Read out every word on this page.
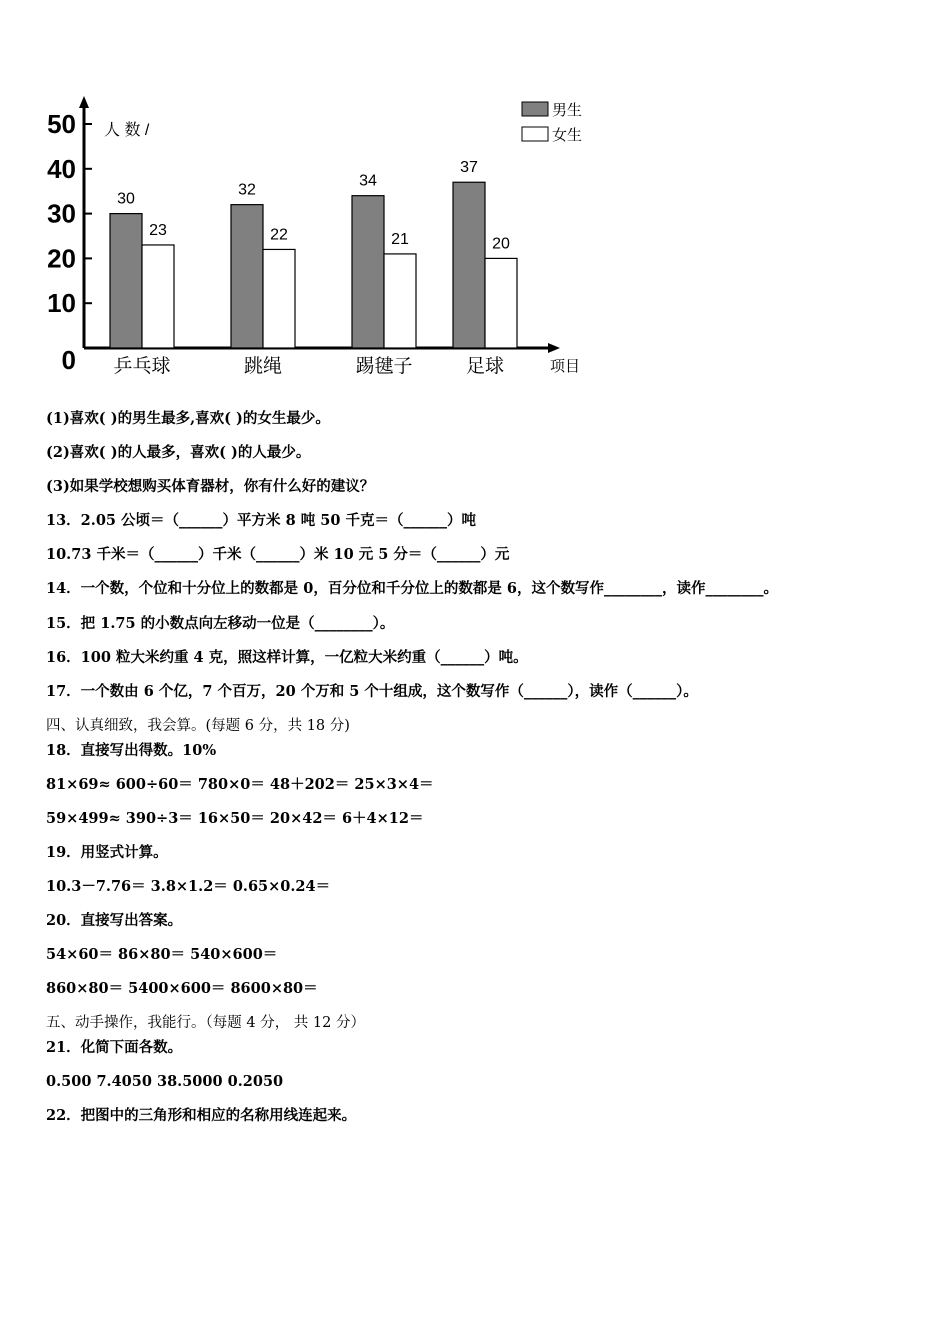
人 数 /
项目
0
10
20
30
40
50
30
23
乒乓球
32
22
跳绳
34
21
踢毽子
37
20
足球
男生
女生
(1)喜欢( )的男生最多,喜欢( )的女生最少。
(2)喜欢( )的人最多，喜欢( )的人最少。
(3)如果学校想购买体育器材，你有什么好的建议？
13．2.05 公顷＝（______）平方米 8 吨 50 千克＝（______）吨
10.73 千米＝（______）千米（______）米 10 元 5 分＝（______）元
14．一个数，个位和十分位上的数都是 0，百分位和千分位上的数都是 6，这个数写作________，读作________。
15．把 1.75 的小数点向左移动一位是（________）。
16．100 粒大米约重 4 克，照这样计算，一亿粒大米约重（______）吨。
17．一个数由 6 个亿，7 个百万，20 个万和 5 个十组成，这个数写作（______），读作（______）。
四、认真细致，我会算。(每题 6 分，共 18 分)
18．直接写出得数。10%
81×69≈ 600÷60＝ 780×0＝ 48＋202＝ 25×3×4＝
59×499≈ 390÷3＝ 16×50＝ 20×42＝ 6＋4×12＝
19．用竖式计算。
10.3－7.76＝ 3.8×1.2＝ 0.65×0.24＝
20．直接写出答案。
54×60＝ 86×80＝ 540×600＝
860×80＝ 5400×600＝ 8600×80＝
五、动手操作，我能行。（每题 4 分， 共 12 分）
21．化简下面各数。
0.500 7.4050 38.5000 0.2050
22．把图中的三角形和相应的名称用线连起来。
